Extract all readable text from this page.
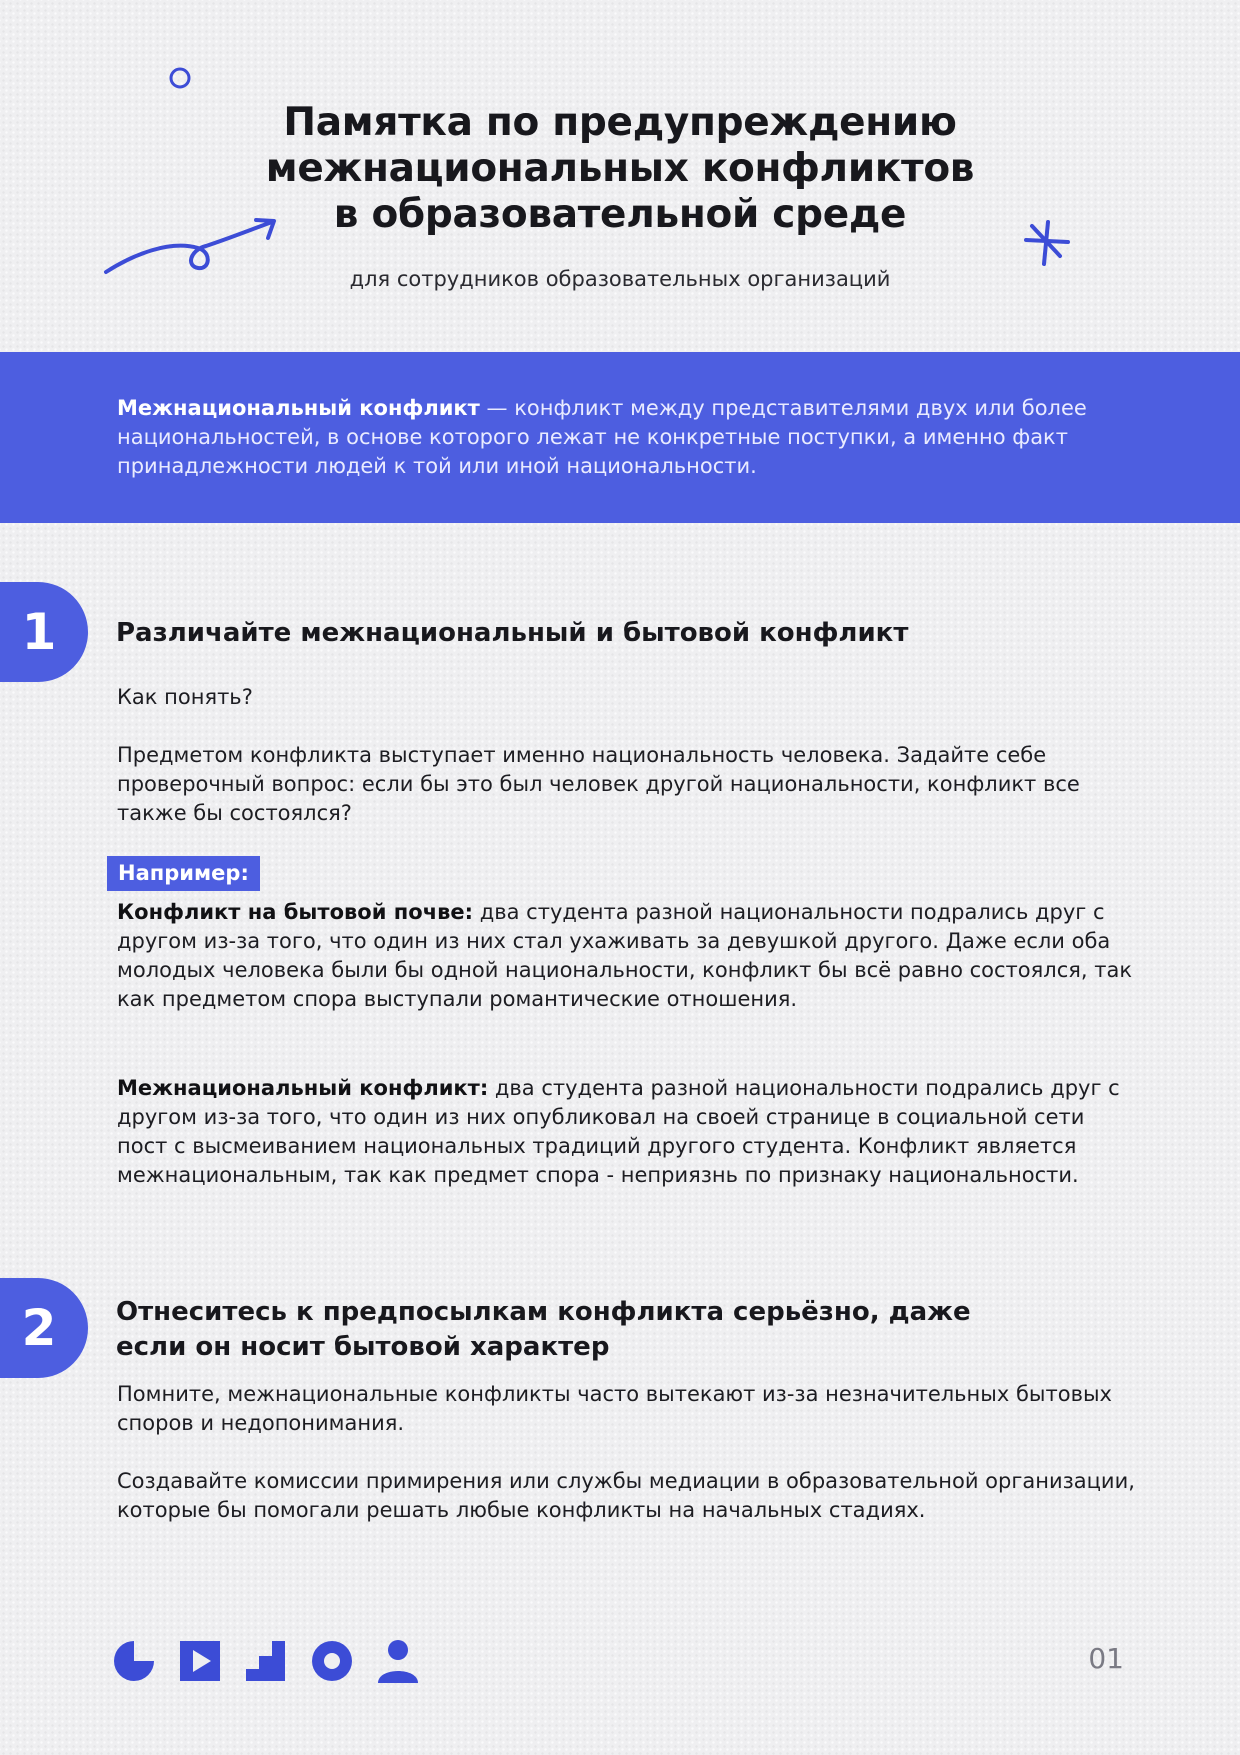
Памятка по предупреждению
межнациональных конфликтов
в образовательной среде

для сотрудников образовательных организаций

Межнациональный конфликт — конфликт между представителями двух или более национальностей, в основе которого лежат не конкретные поступки, а именно факт принадлежности людей к той или иной национальности.

1	Различайте межнациональный и бытовой конфликт

Как понять?

Предметом конфликта выступает именно национальность человека. Задайте себе проверочный вопрос: если бы это был человек другой национальности, конфликт все также бы состоялся?

Например:

Конфликт на бытовой почве: два студента разной национальности подрались друг с другом из-за того, что один из них стал ухаживать за девушкой другого. Даже если оба молодых человека были бы одной национальности, конфликт бы всё равно состоялся, так как предметом спора выступали романтические отношения.

Межнациональный конфликт: два студента разной национальности подрались друг с другом из-за того, что один из них опубликовал на своей странице в социальной сети пост с высмеиванием национальных традиций другого студента. Конфликт является межнациональным, так как предмет спора - неприязнь по признаку национальности.

2	Отнеситесь к предпосылкам конфликта серьёзно, даже если он носит бытовой характер

Помните, межнациональные конфликты часто вытекают из-за незначительных бытовых споров и недопонимания.

Создавайте комиссии примирения или службы медиации в образовательной организации, которые бы помогали решать любые конфликты на начальных стадиях.

01
